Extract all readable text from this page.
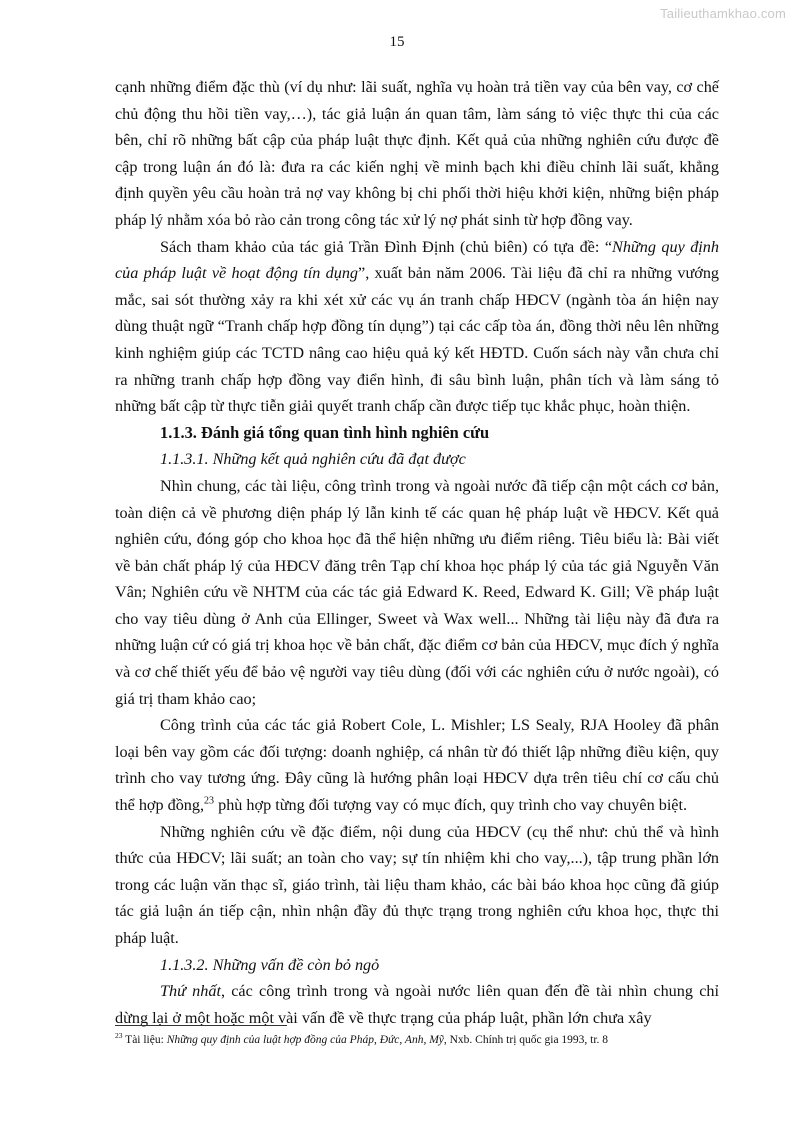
Tailieuthamkhao.com
15

cạnh những điểm đặc thù (ví dụ như: lãi suất, nghĩa vụ hoàn trả tiền vay của bên vay, cơ chế chủ động thu hồi tiền vay,…), tác giả luận án quan tâm, làm sáng tỏ việc thực thi của các bên, chỉ rõ những bất cập của pháp luật thực định. Kết quả của những nghiên cứu được đề cập trong luận án đó là: đưa ra các kiến nghị về minh bạch khi điều chỉnh lãi suất, khẳng định quyền yêu cầu hoàn trả nợ vay không bị chi phối thời hiệu khởi kiện, những biện pháp pháp lý nhằm xóa bỏ rào cản trong công tác xử lý nợ phát sinh từ hợp đồng vay.

Sách tham khảo của tác giả Trần Đình Định (chủ biên) có tựa đề: “Những quy định của pháp luật về hoạt động tín dụng”, xuất bản năm 2006. Tài liệu đã chỉ ra những vướng mắc, sai sót thường xảy ra khi xét xử các vụ án tranh chấp HĐCV (ngành tòa án hiện nay dùng thuật ngữ “Tranh chấp hợp đồng tín dụng”) tại các cấp tòa án, đồng thời nêu lên những kinh nghiệm giúp các TCTD nâng cao hiệu quả ký kết HĐTD. Cuốn sách này vẫn chưa chỉ ra những tranh chấp hợp đồng vay điển hình, đi sâu bình luận, phân tích và làm sáng tỏ những bất cập từ thực tiễn giải quyết tranh chấp cần được tiếp tục khắc phục, hoàn thiện.

1.1.3. Đánh giá tổng quan tình hình nghiên cứu

1.1.3.1. Những kết quả nghiên cứu đã đạt được

Nhìn chung, các tài liệu, công trình trong và ngoài nước đã tiếp cận một cách cơ bản, toàn diện cả về phương diện pháp lý lẫn kinh tế các quan hệ pháp luật về HĐCV. Kết quả nghiên cứu, đóng góp cho khoa học đã thể hiện những ưu điểm riêng. Tiêu biểu là: Bài viết về bản chất pháp lý của HĐCV đăng trên Tạp chí khoa học pháp lý của tác giả Nguyễn Văn Vân; Nghiên cứu về NHTM của các tác giả Edward K. Reed, Edward K. Gill; Về pháp luật cho vay tiêu dùng ở Anh của Ellinger, Sweet và Wax well... Những tài liệu này đã đưa ra những luận cứ có giá trị khoa học về bản chất, đặc điểm cơ bản của HĐCV, mục đích ý nghĩa và cơ chế thiết yếu để bảo vệ người vay tiêu dùng (đối với các nghiên cứu ở nước ngoài), có giá trị tham khảo cao;

Công trình của các tác giả Robert Cole, L. Mishler; LS Sealy, RJA Hooley đã phân loại bên vay gồm các đối tượng: doanh nghiệp, cá nhân từ đó thiết lập những điều kiện, quy trình cho vay tương ứng. Đây cũng là hướng phân loại HĐCV dựa trên tiêu chí cơ cấu chủ thể hợp đồng,$^{23}$ phù hợp từng đối tượng vay có mục đích, quy trình cho vay chuyên biệt.

Những nghiên cứu về đặc điểm, nội dung của HĐCV (cụ thể như: chủ thể và hình thức của HĐCV; lãi suất; an toàn cho vay; sự tín nhiệm khi cho vay,...), tập trung phần lớn trong các luận văn thạc sĩ, giáo trình, tài liệu tham khảo, các bài báo khoa học cũng đã giúp tác giả luận án tiếp cận, nhìn nhận đầy đủ thực trạng trong nghiên cứu khoa học, thực thi pháp luật.

1.1.3.2. Những vấn đề còn bỏ ngỏ

Thứ nhất, các công trình trong và ngoài nước liên quan đến đề tài nhìn chung chỉ dừng lại ở một hoặc một vài vấn đề về thực trạng của pháp luật, phần lớn chưa xây

$^{23}$ Tài liệu: Những quy định của luật hợp đồng của Pháp, Đức, Anh, Mỹ, Nxb. Chính trị quốc gia 1993, tr. 8
